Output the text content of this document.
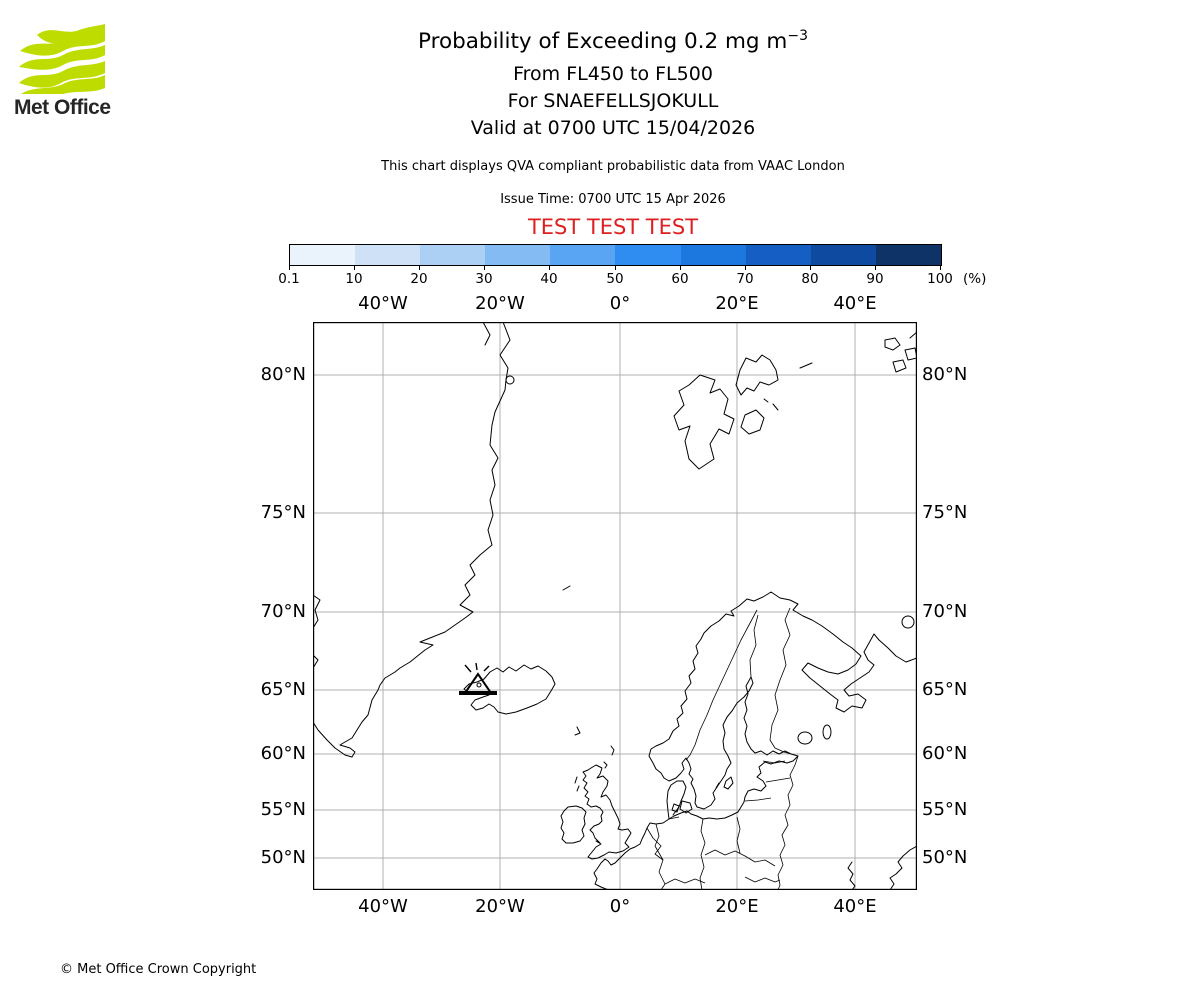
Met Office
Probability of Exceeding 0.2 mg $m^{-3}$
From FL450 to FL500
For SNAEFELLSJOKULL
Valid at 0700 UTC 15/04/2026
This chart displays QVA compliant probabilistic data from VAAC London
Issue Time: 0700 UTC 15 Apr 2026
TEST TEST TEST
0.1	10	20	30	40	50	60	70	80	90	100 (%)
40°W	20°W	0°	20°E	40°E
40°W	20°W	0°	20°E	40°E
80°N
75°N
70°N
65°N
60°N
55°N
50°N
80°N
75°N
70°N
65°N
60°N
55°N
50°N
© Met Office Crown Copyright
